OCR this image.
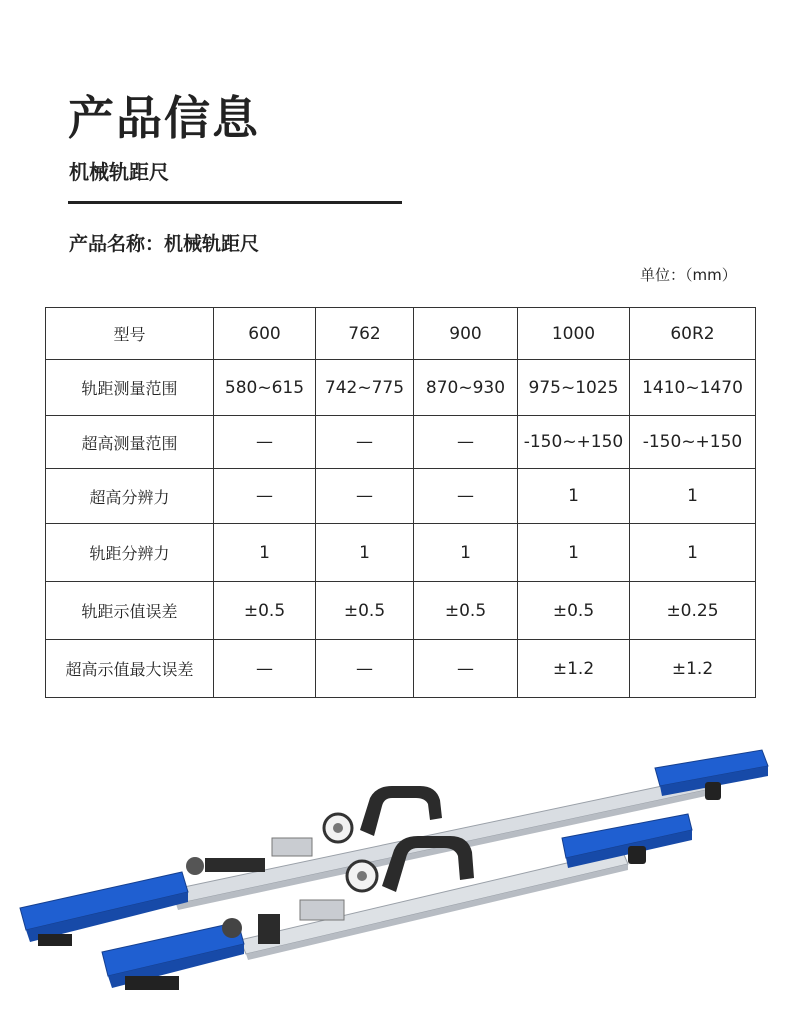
产品信息
机械轨距尺
产品名称：机械轨距尺
单位：（mm）
型号	600	762	900	1000	60R2
轨距测量范围	580~615	742~775	870~930	975~1025	1410~1470
超高测量范围	—	—	—	-150~+150	-150~+150
超高分辨力	—	—	—	1	1
轨距分辨力	1	1	1	1	1
轨距示值误差	±0.5	±0.5	±0.5	±0.5	±0.25
超高示值最大误差	—	—	—	±1.2	±1.2
